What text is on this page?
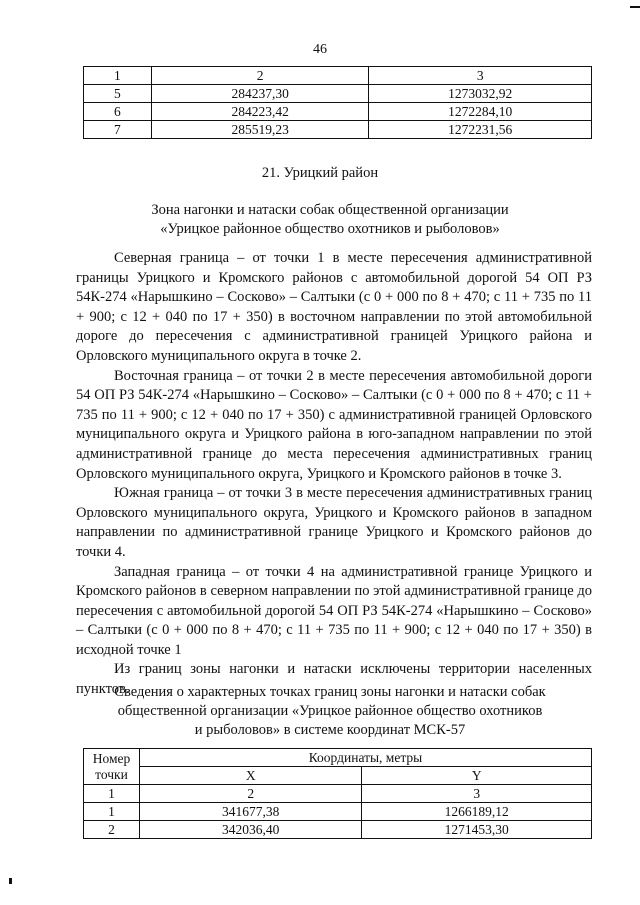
46
1	2	3
5	284237,30	1273032,92
6	284223,42	1272284,10
7	285519,23	1272231,56
21. Урицкий район
Зона нагонки и натаски собак общественной организации
«Урицкое районное общество охотников и рыболовов»

Северная граница – от точки 1 в месте пересечения административной границы Урицкого и Кромского районов с автомобильной дорогой 54 ОП РЗ 54К-274 «Нарышкино – Сосково» – Салтыки (с 0 + 000 по 8 + 470; с 11 + 735 по 11 + 900; с 12 + 040 по 17 + 350) в восточном направлении по этой автомобильной дороге до пересечения с административной границей Урицкого района и Орловского муниципального округа в точке 2.

Восточная граница – от точки 2 в месте пересечения автомобильной дороги 54 ОП РЗ 54К-274 «Нарышкино – Сосково» – Салтыки (с 0 + 000 по 8 + 470; с 11 + 735 по 11 + 900; с 12 + 040 по 17 + 350) с административной границей Орловского муниципального округа и Урицкого района в юго-западном направлении по этой административной границе до места пересечения административных границ Орловского муниципального округа, Урицкого и Кромского районов в точке 3.

Южная граница – от точки 3 в месте пересечения административных границ Орловского муниципального округа, Урицкого и Кромского районов в западном направлении по административной границе Урицкого и Кромского районов до точки 4.

Западная граница – от точки 4 на административной границе Урицкого и Кромского районов в северном направлении по этой административной границе до пересечения с автомобильной дорогой 54 ОП РЗ 54К-274 «Нарышкино – Сосково» – Салтыки (с 0 + 000 по 8 + 470; с 11 + 735 по 11 + 900; с 12 + 040 по 17 + 350) в исходной точке 1

Из границ зоны нагонки и натаски исключены территории населенных пунктов.

Сведения о характерных точках границ зоны нагонки и натаски собак
общественной организации «Урицкое районное общество охотников
и рыболовов» в системе координат МСК-57
Номер
точки	Координаты, метры	
	X	Y
1	2	3
1	341677,38	1266189,12
2	342036,40	1271453,30
